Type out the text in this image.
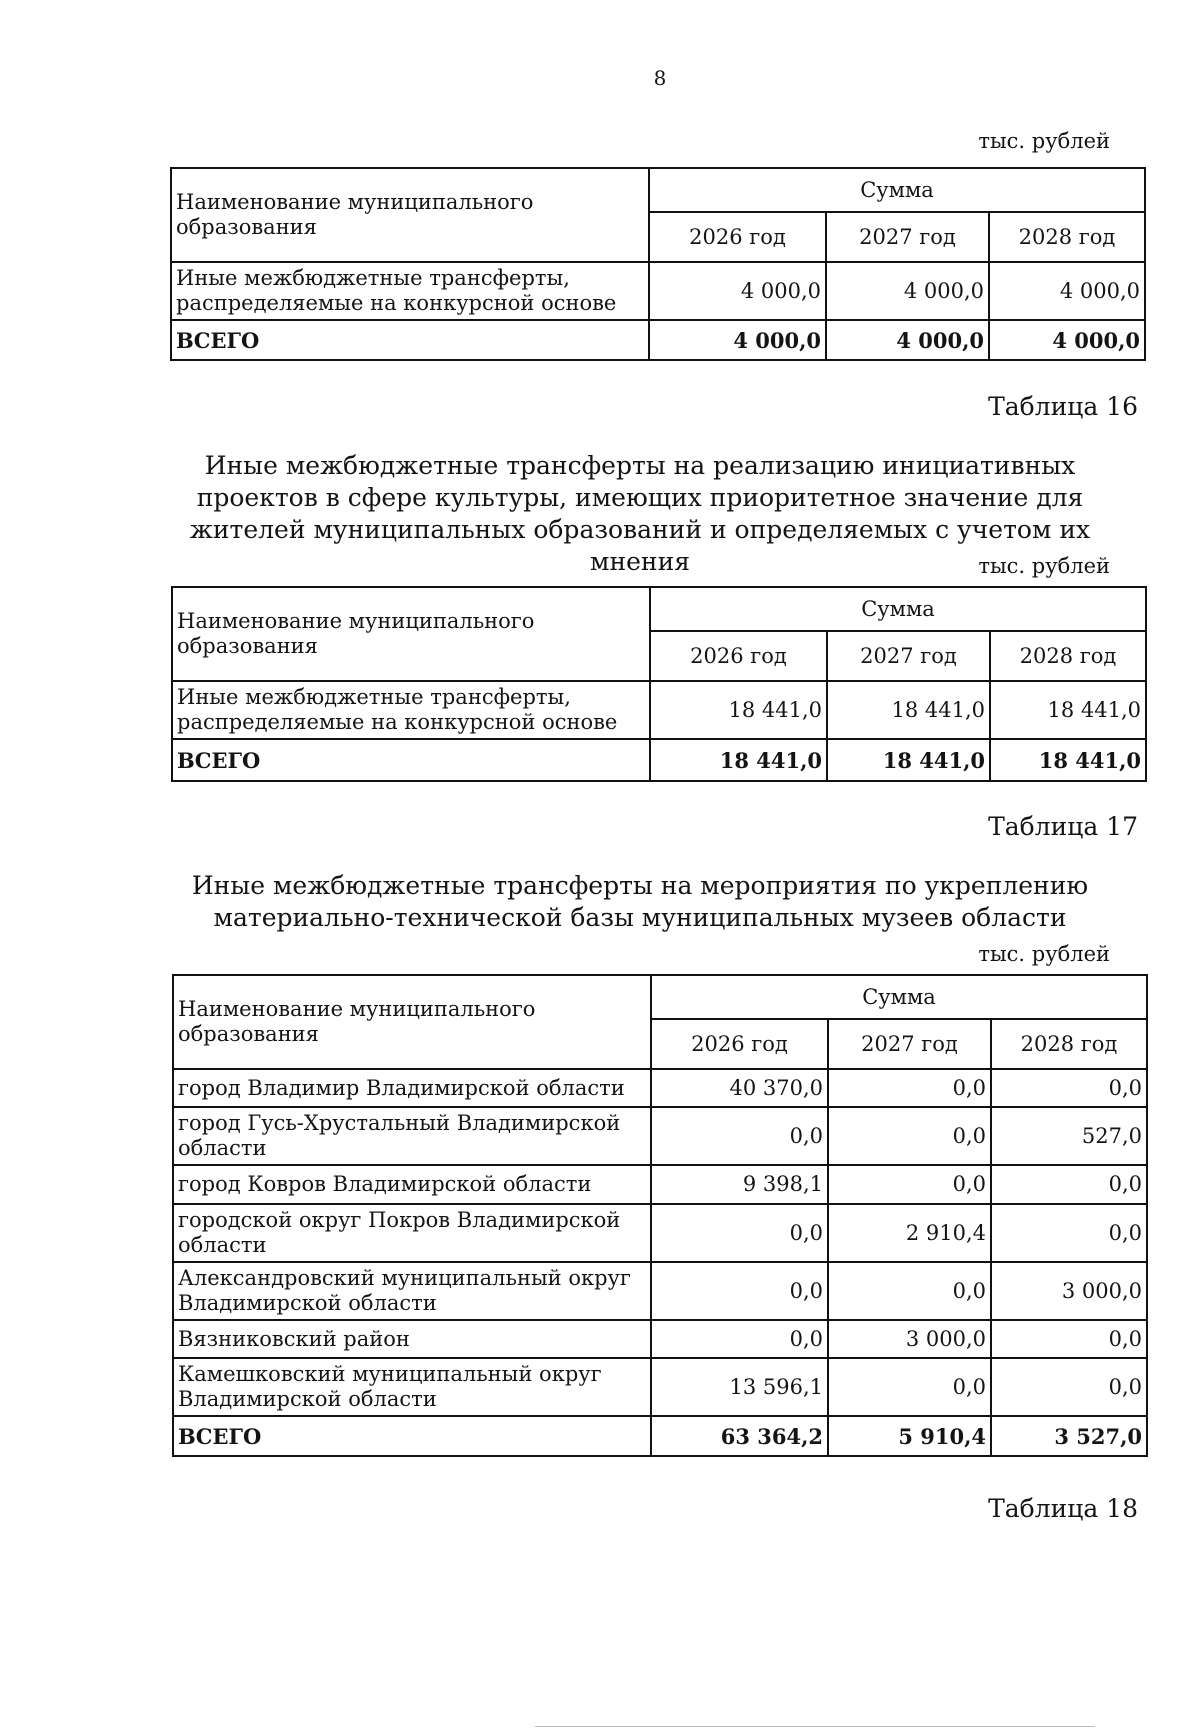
8
тыс. рублей
Наименование муниципального образования	Сумма		
	2026 год	2027 год	2028 год
Иные межбюджетные трансферты, распределяемые на конкурсной основе	4 000,0	4 000,0	4 000,0
ВСЕГО	4 000,0	4 000,0	4 000,0
Таблица 16
Иные межбюджетные трансферты на реализацию инициативных проектов в сфере культуры, имеющих приоритетное значение для жителей муниципальных образований и определяемых с учетом их мнения	тыс. рублей
Наименование муниципального образования	Сумма		
	2026 год	2027 год	2028 год
Иные межбюджетные трансферты, распределяемые на конкурсной основе	18 441,0	18 441,0	18 441,0
ВСЕГО	18 441,0	18 441,0	18 441,0
Таблица 17
Иные межбюджетные трансферты на мероприятия по укреплению материально-технической базы муниципальных музеев области
тыс. рублей
Наименование муниципального образования	Сумма		
	2026 год	2027 год	2028 год
город Владимир Владимирской области	40 370,0	0,0	0,0
город Гусь-Хрустальный Владимирской области	0,0	0,0	527,0
город Ковров Владимирской области	9 398,1	0,0	0,0
городской округ Покров Владимирской области	0,0	2 910,4	0,0
Александровский муниципальный округ Владимирской области	0,0	0,0	3 000,0
Вязниковский район	0,0	3 000,0	0,0
Камешковский муниципальный округ Владимирской области	13 596,1	0,0	0,0
ВСЕГО	63 364,2	5 910,4	3 527,0
Таблица 18
